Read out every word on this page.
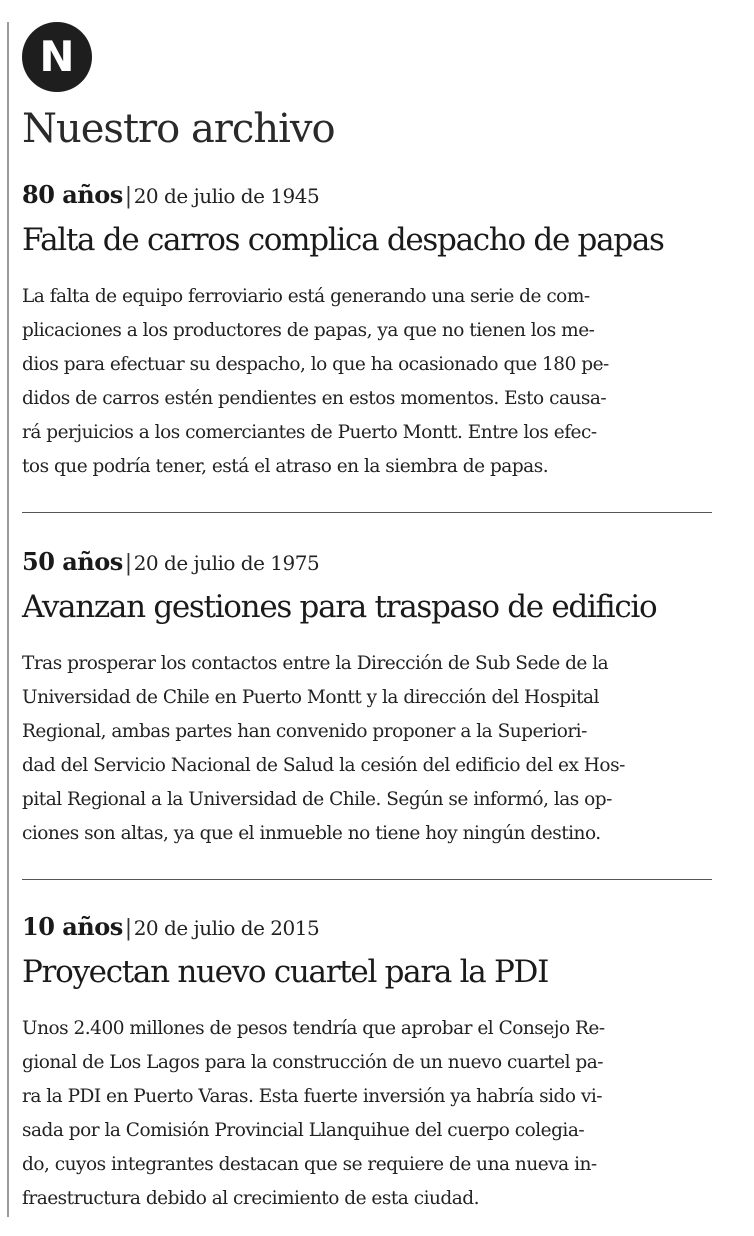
N
Nuestro archivo
80 años| 20 de julio de 1945
Falta de carros complica despacho de papas

La falta de equipo ferroviario está generando una serie de com-
plicaciones a los productores de papas, ya que no tienen los me-
dios para efectuar su despacho, lo que ha ocasionado que 180 pe-
didos de carros estén pendientes en estos momentos. Esto causa-
rá perjuicios a los comerciantes de Puerto Montt. Entre los efec-
tos que podría tener, está el atraso en la siembra de papas.

50 años| 20 de julio de 1975
Avanzan gestiones para traspaso de edificio

Tras prosperar los contactos entre la Dirección de Sub Sede de la
Universidad de Chile en Puerto Montt y la dirección del Hospital
Regional, ambas partes han convenido proponer a la Superiori-
dad del Servicio Nacional de Salud la cesión del edificio del ex Hos-
pital Regional a la Universidad de Chile. Según se informó, las op-
ciones son altas, ya que el inmueble no tiene hoy ningún destino.

10 años| 20 de julio de 2015
Proyectan nuevo cuartel para la PDI

Unos 2.400 millones de pesos tendría que aprobar el Consejo Re-
gional de Los Lagos para la construcción de un nuevo cuartel pa-
ra la PDI en Puerto Varas. Esta fuerte inversión ya habría sido vi-
sada por la Comisión Provincial Llanquihue del cuerpo colegia-
do, cuyos integrantes destacan que se requiere de una nueva in-
fraestructura debido al crecimiento de esta ciudad.
